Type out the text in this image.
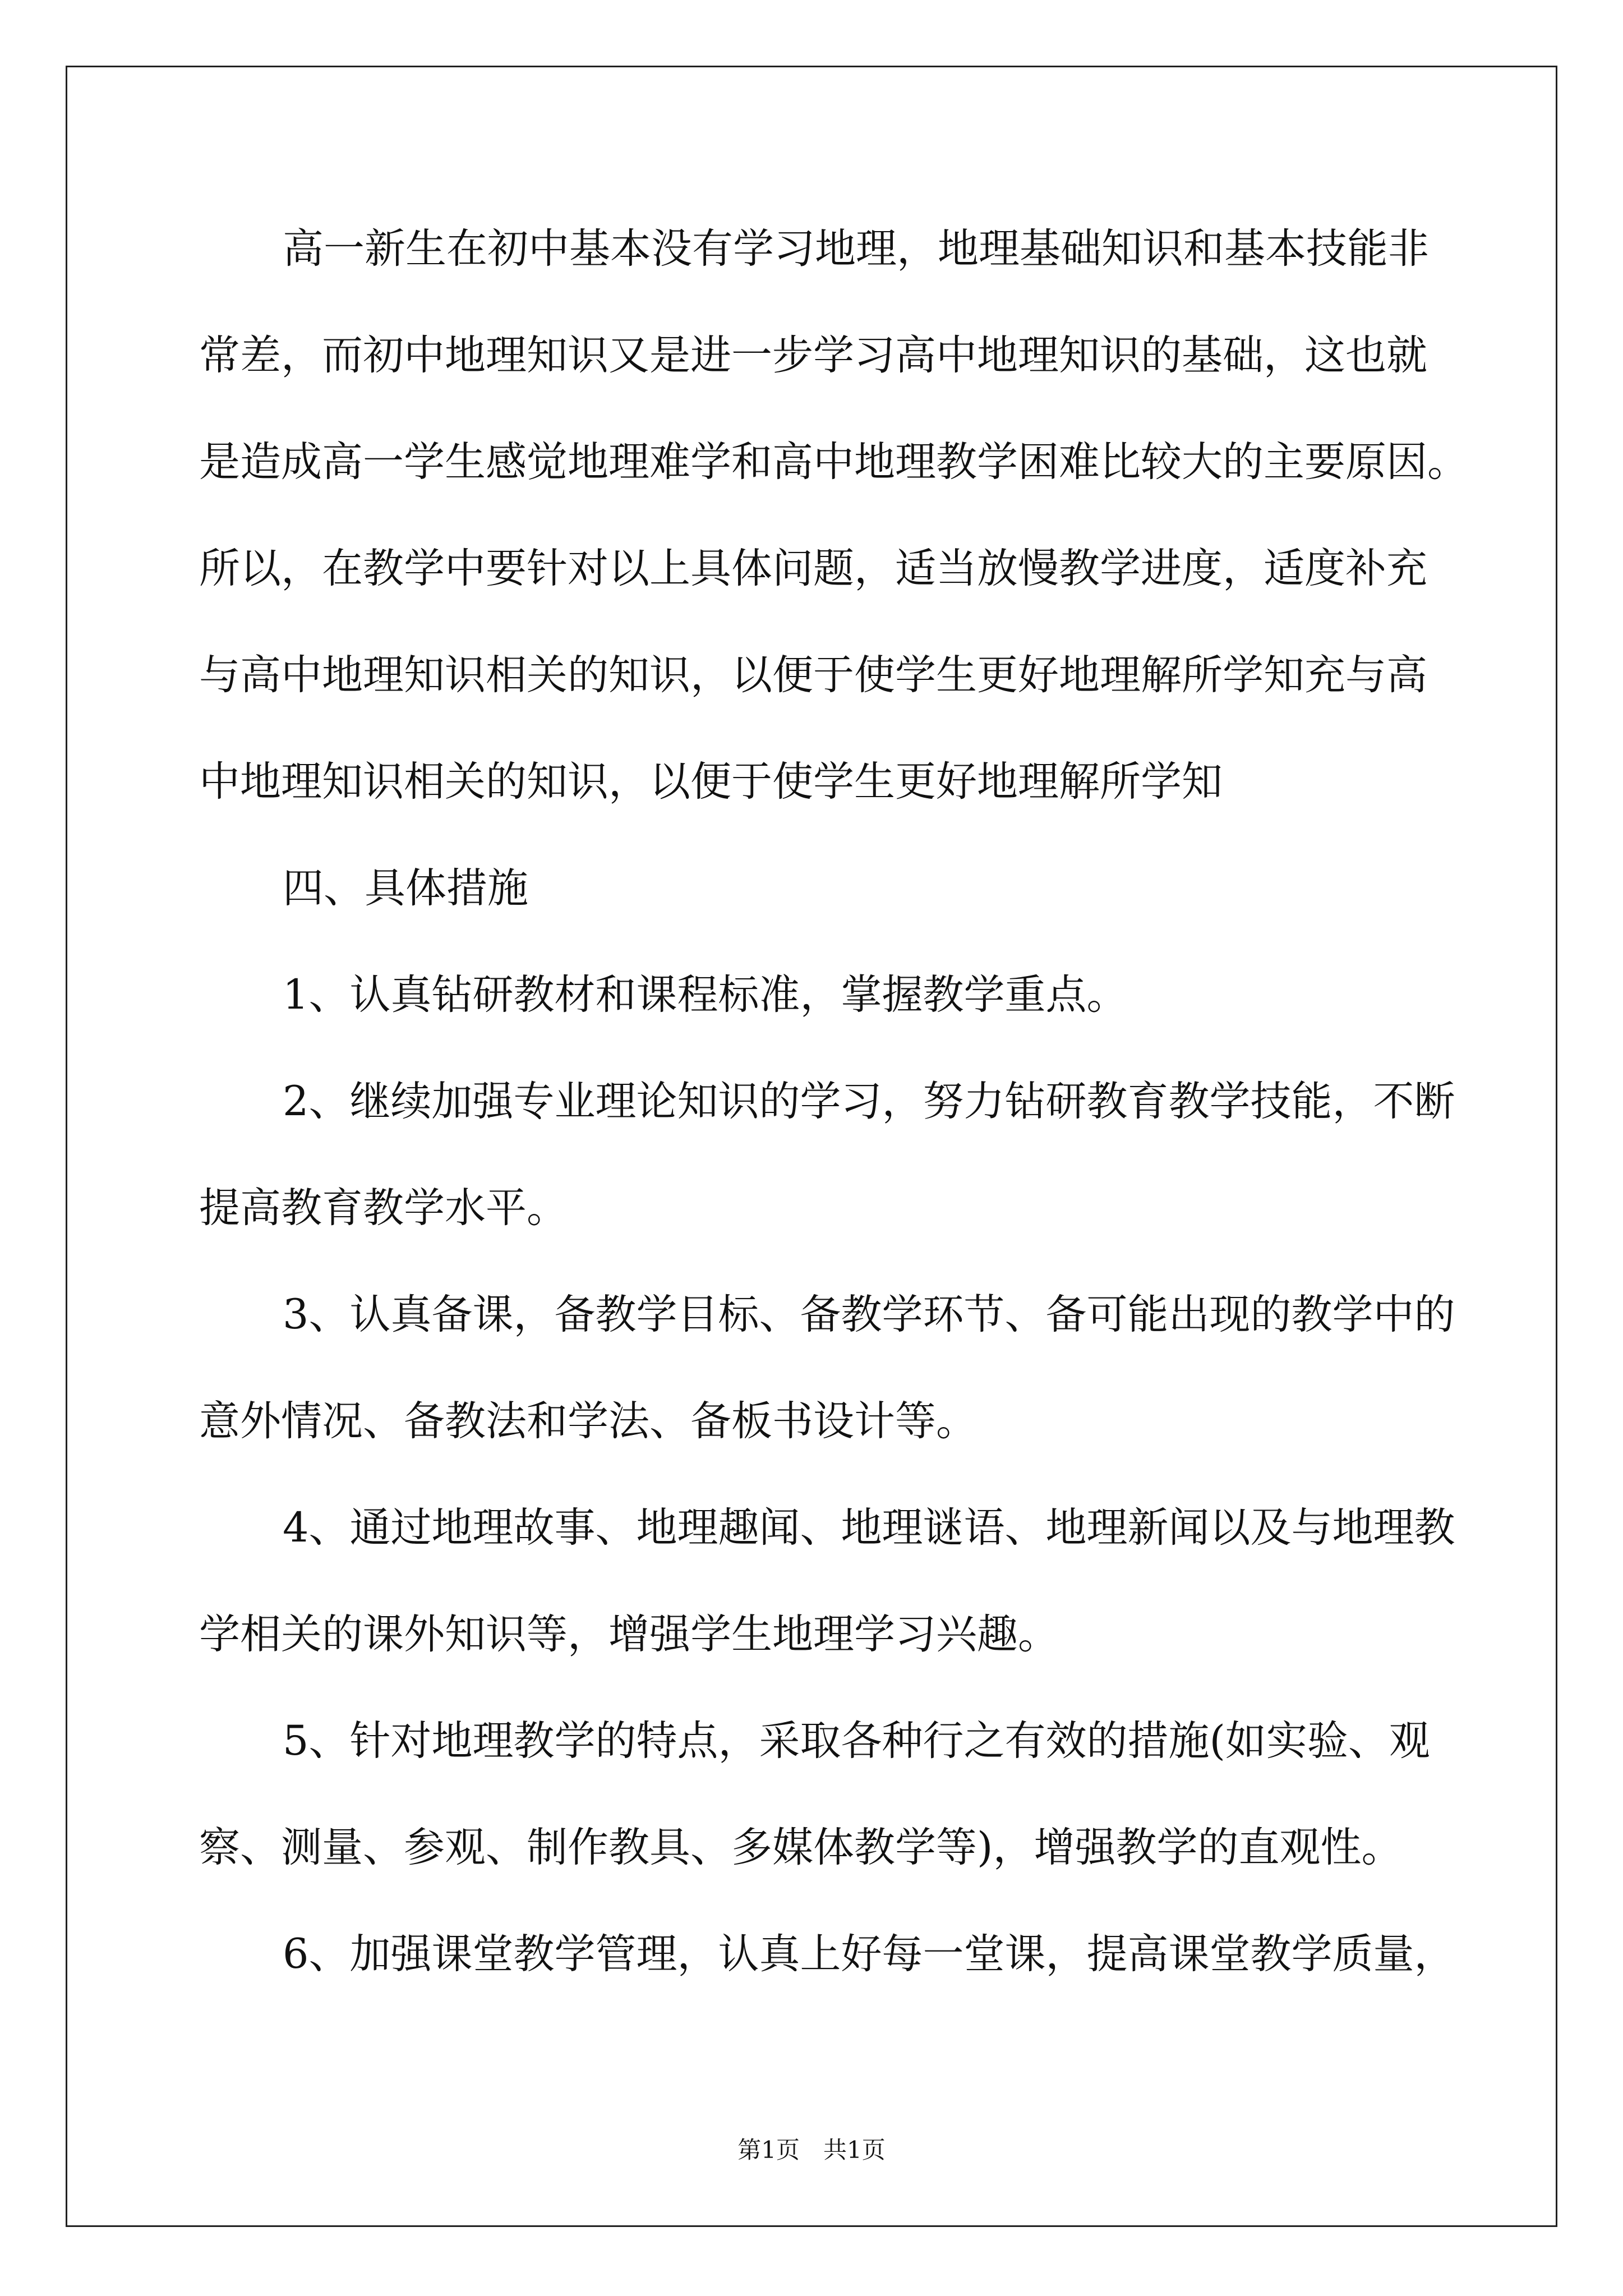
高一新生在初中基本没有学习地理，地理基础知识和基本技能非
常差，而初中地理知识又是进一步学习高中地理知识的基础，这也就
是造成高一学生感觉地理难学和高中地理教学困难比较大的主要原因。
所以，在教学中要针对以上具体问题，适当放慢教学进度，适度补充
与高中地理知识相关的知识，以便于使学生更好地理解所学知充与高
中地理知识相关的知识，以便于使学生更好地理解所学知
四、具体措施
1、认真钻研教材和课程标准，掌握教学重点。
2、继续加强专业理论知识的学习，努力钻研教育教学技能，不断
提高教育教学水平。
3、认真备课，备教学目标、备教学环节、备可能出现的教学中的
意外情况、备教法和学法、备板书设计等。
4、通过地理故事、地理趣闻、地理谜语、地理新闻以及与地理教
学相关的课外知识等，增强学生地理学习兴趣。
5、针对地理教学的特点，采取各种行之有效的措施(如实验、观
察、测量、参观、制作教具、多媒体教学等)，增强教学的直观性。
6、加强课堂教学管理，认真上好每一堂课，提高课堂教学质量，
第1页　共1页
